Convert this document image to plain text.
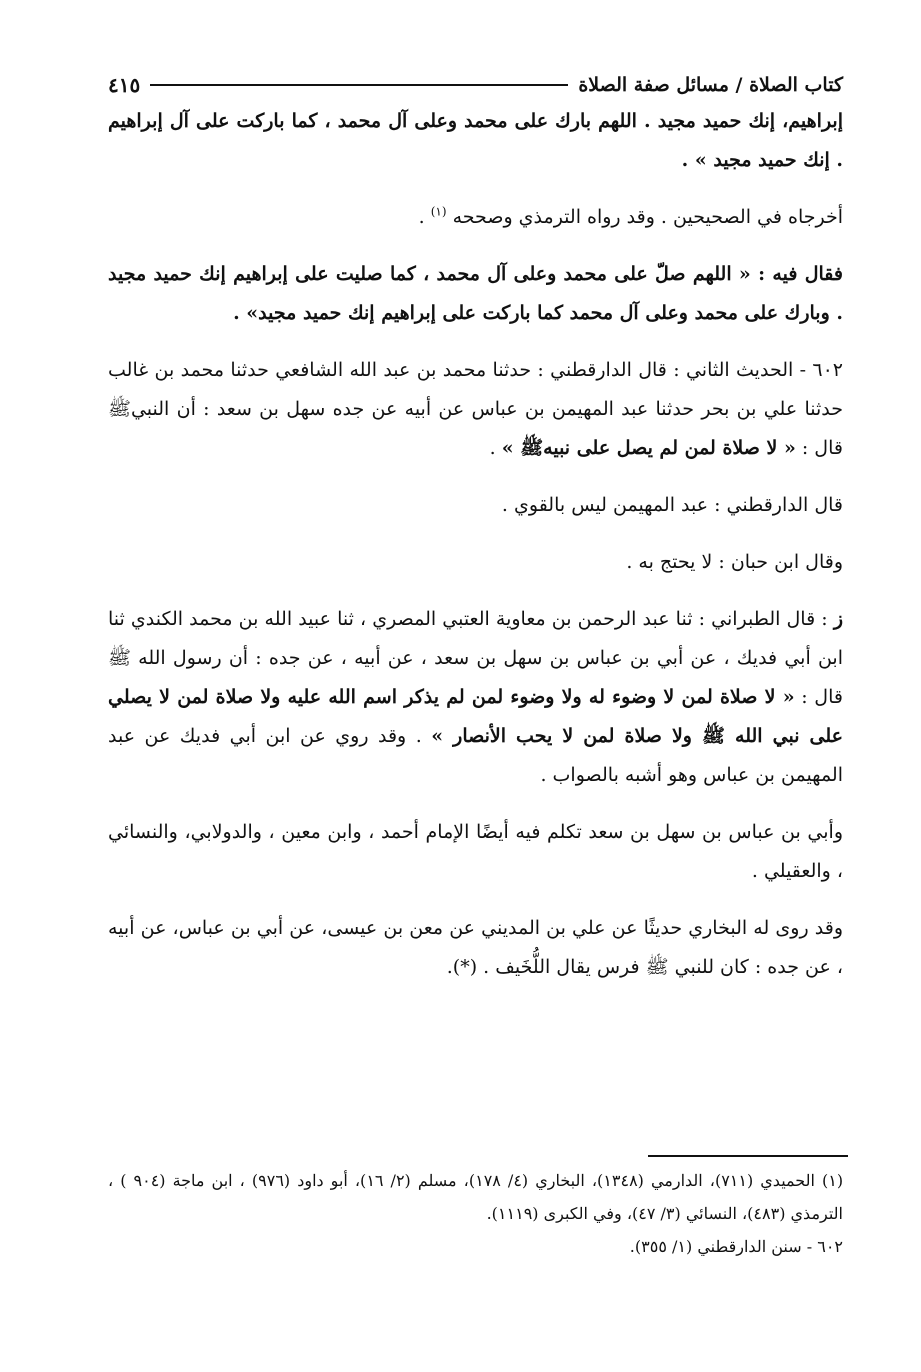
كتاب الصلاة / مسائل صفة الصلاة
٤١٥

إبراهيم، إنك حميد مجيد . اللهم بارك على محمد وعلى آل محمد ، كما باركت على آل إبراهيم . إنك حميد مجيد » .

أخرجاه في الصحيحين . وقد رواه الترمذي وصححه $^{(١)}$ .

فقال فيه : « اللهم صلّ على محمد وعلى آل محمد ، كما صليت على إبراهيم إنك حميد مجيد . وبارك على محمد وعلى آل محمد كما باركت على إبراهيم إنك حميد مجيد» .

٦٠٢ - الحديث الثاني : قال الدارقطني : حدثنا محمد بن عبد الله الشافعي حدثنا محمد بن غالب حدثنا علي بن بحر حدثنا عبد المهيمن بن عباس عن أبيه عن جده سهل بن سعد : أن النبيﷺ قال : « لا صلاة لمن لم يصل على نبيهﷺ » .

قال الدارقطني : عبد المهيمن ليس بالقوي .

وقال ابن حبان : لا يحتج به .

ز : قال الطبراني : ثنا عبد الرحمن بن معاوية العتبي المصري ، ثنا عبيد الله بن محمد الكندي ثنا ابن أبي فديك ، عن أبي بن عباس بن سهل بن سعد ، عن أبيه ، عن جده : أن رسول الله ﷺ قال : « لا صلاة لمن لا وضوء له ولا وضوء لمن لم يذكر اسم الله عليه ولا صلاة لمن لا يصلي على نبي الله ﷺ ولا صلاة لمن لا يحب الأنصار » . وقد روي عن ابن أبي فديك عن عبد المهيمن بن عباس وهو أشبه بالصواب .

وأبي بن عباس بن سهل بن سعد تكلم فيه أيضًا الإمام أحمد ، وابن معين ، والدولابي، والنسائي ، والعقيلي .

وقد روى له البخاري حديثًا عن علي بن المديني عن معن بن عيسى، عن أبي بن عباس، عن أبيه ، عن جده : كان للنبي ﷺ فرس يقال اللُّخَيف . (*).

(١) الحميدي (٧١١)، الدارمي (١٣٤٨)، البخاري (٤/ ١٧٨)، مسلم (٢/ ١٦)، أبو داود (٩٧٦) ، ابن ماجة (٩٠٤ ) ، الترمذي (٤٨٣)، النسائي (٣/ ٤٧)، وفي الكبرى (١١١٩).

٦٠٢ - سنن الدارقطني (١/ ٣٥٥).
